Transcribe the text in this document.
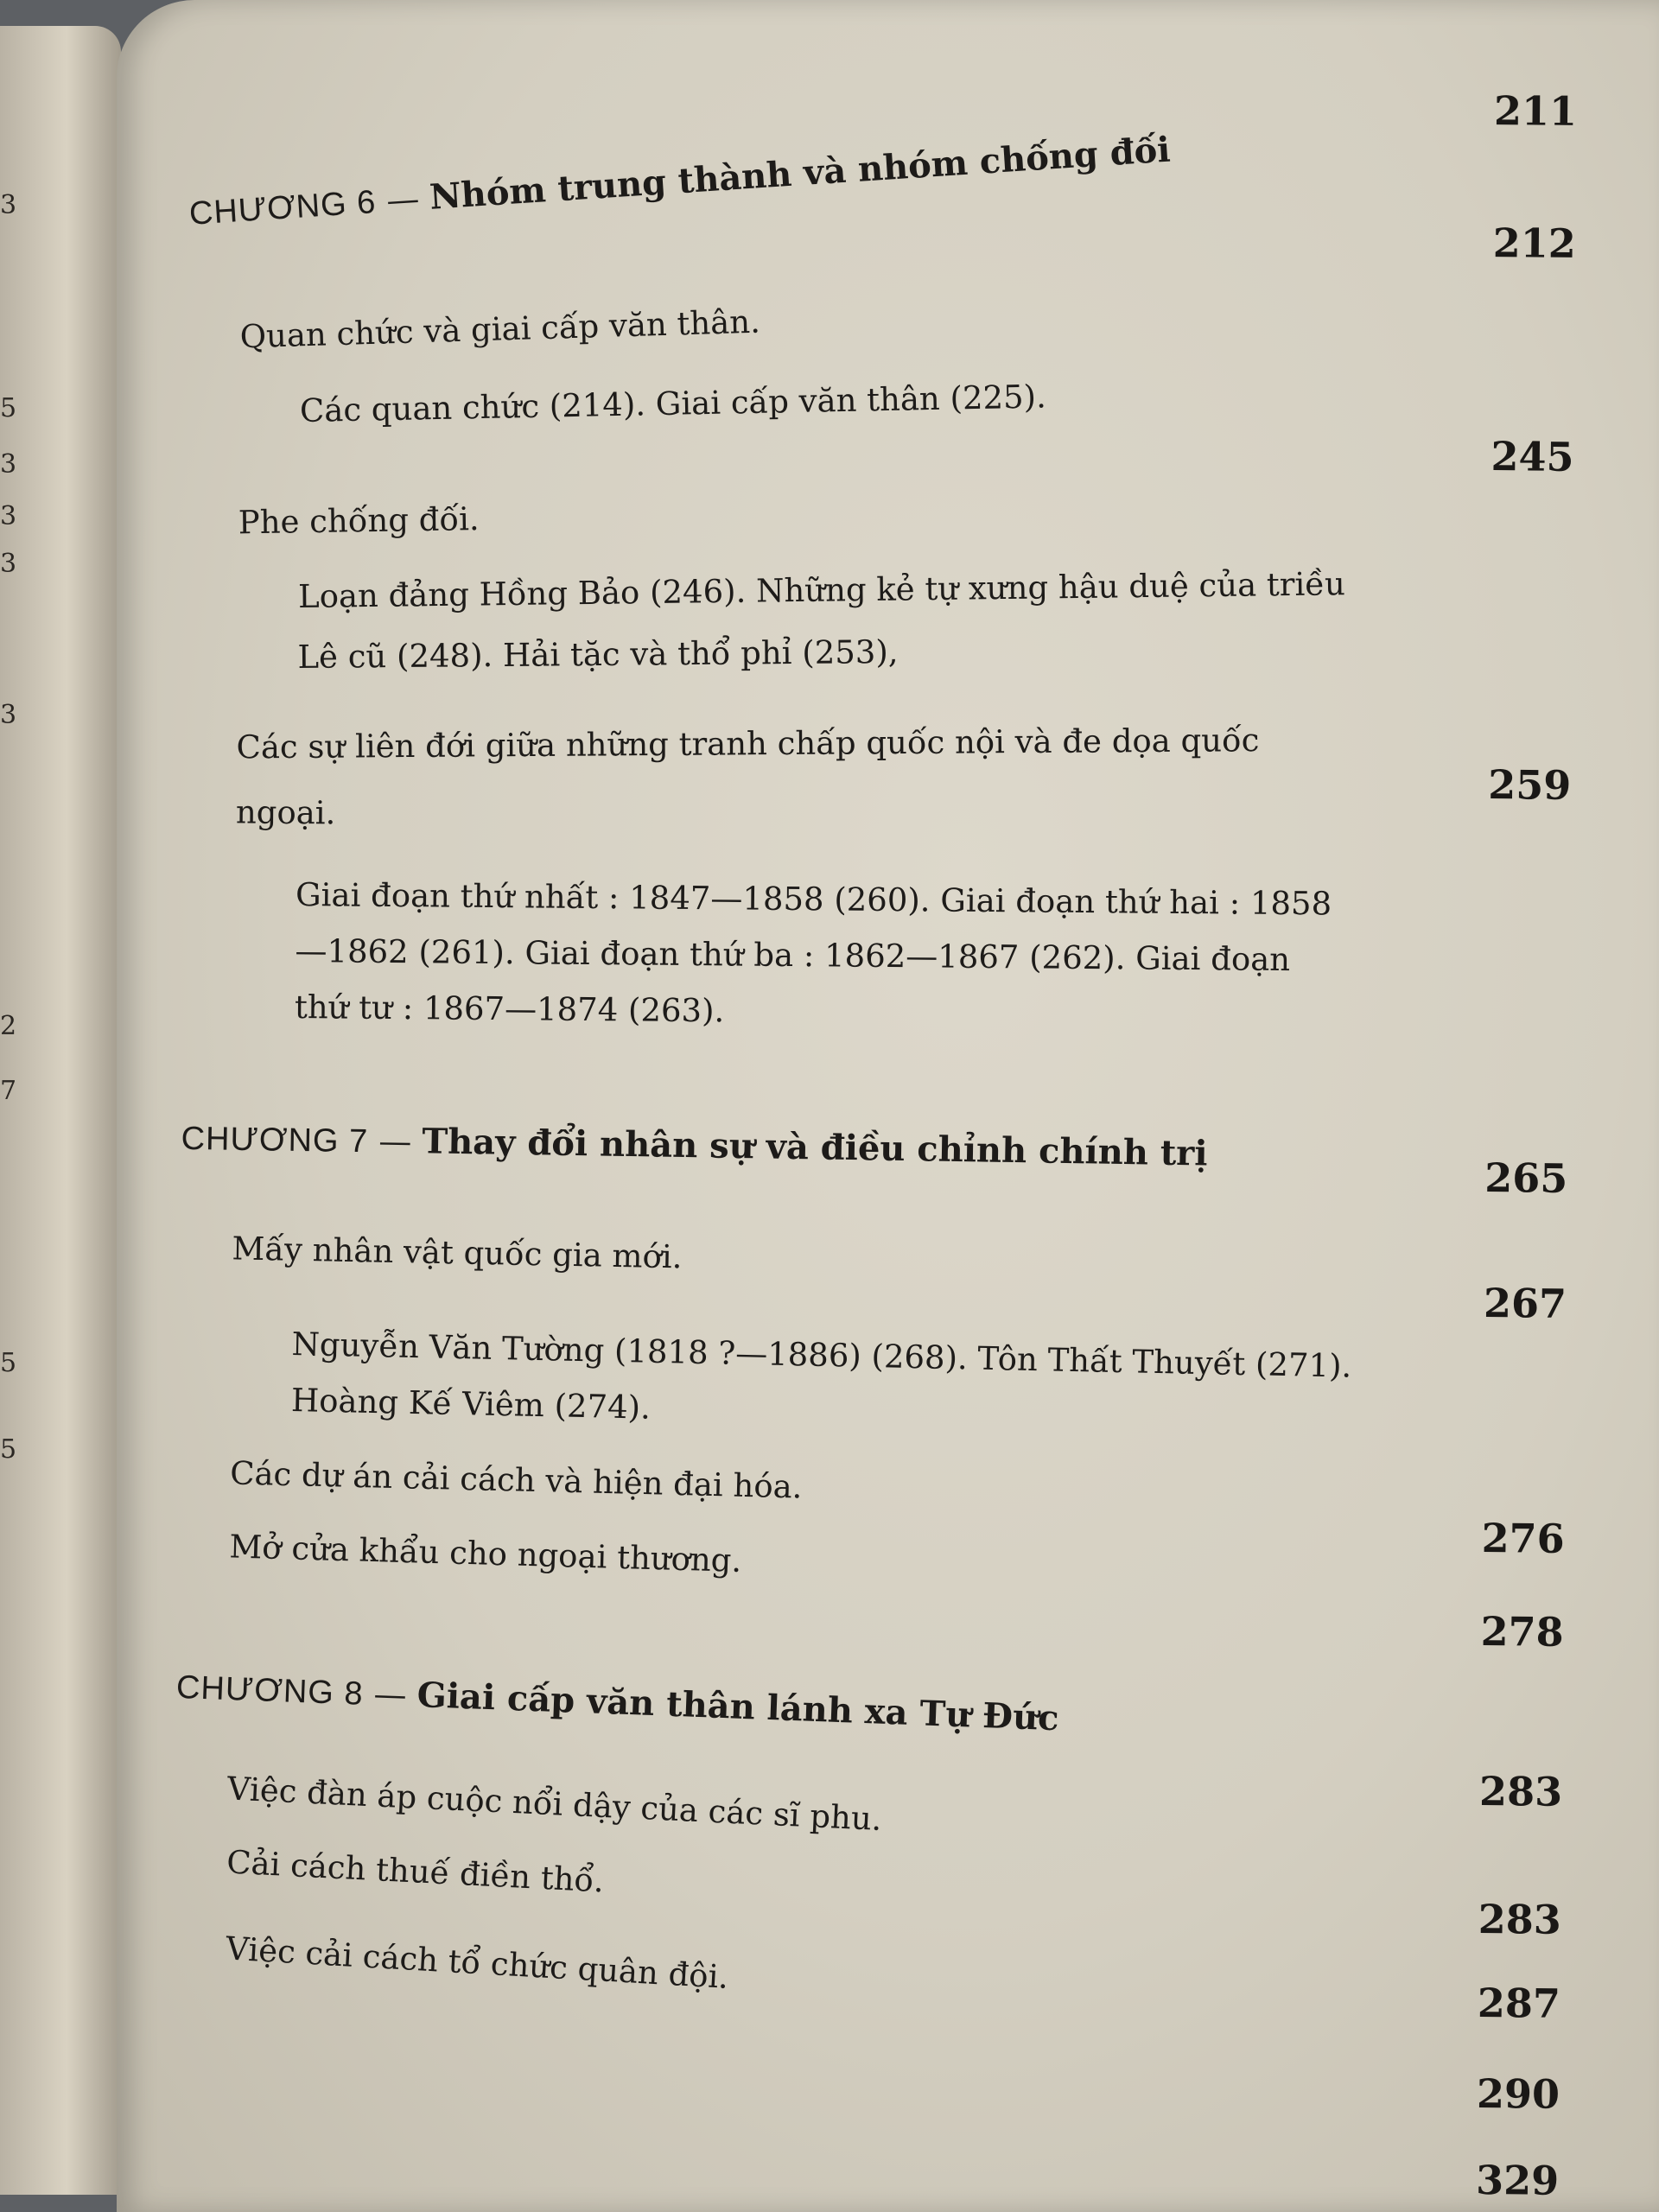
3
5
3
3
3
3
2
7
5
5
211
CHƯƠNG 6 — Nhóm trung thành và nhóm chống đối
212
Quan chức và giai cấp văn thân.
Các quan chức (214). Giai cấp văn thân (225).
245
Phe chống đối.
Loạn đảng Hồng Bảo (246). Những kẻ tự xưng hậu duệ của triều
Lê cũ (248). Hải tặc và thổ phỉ (253),
Các sự liên đới giữa những tranh chấp quốc nội và đe dọa quốc
ngoại.
259
Giai đoạn thứ nhất : 1847—1858 (260). Giai đoạn thứ hai : 1858
—1862 (261). Giai đoạn thứ ba : 1862—1867 (262). Giai đoạn
thứ tư : 1867—1874 (263).
CHƯƠNG 7 — Thay đổi nhân sự và điều chỉnh chính trị
265
Mấy nhân vật quốc gia mới.
267
Nguyễn Văn Tường (1818 ?—1886) (268). Tôn Thất Thuyết (271).
Hoàng Kế Viêm (274).
Các dự án cải cách và hiện đại hóa.
Mở cửa khẩu cho ngoại thương.	276
278
CHƯƠNG 8 — Giai cấp văn thân lánh xa Tự Đức
283
Việc đàn áp cuộc nổi dậy của các sĩ phu.
Cải cách thuế điền thổ.
283
Việc cải cách tổ chức quân đội.
287
290
329
